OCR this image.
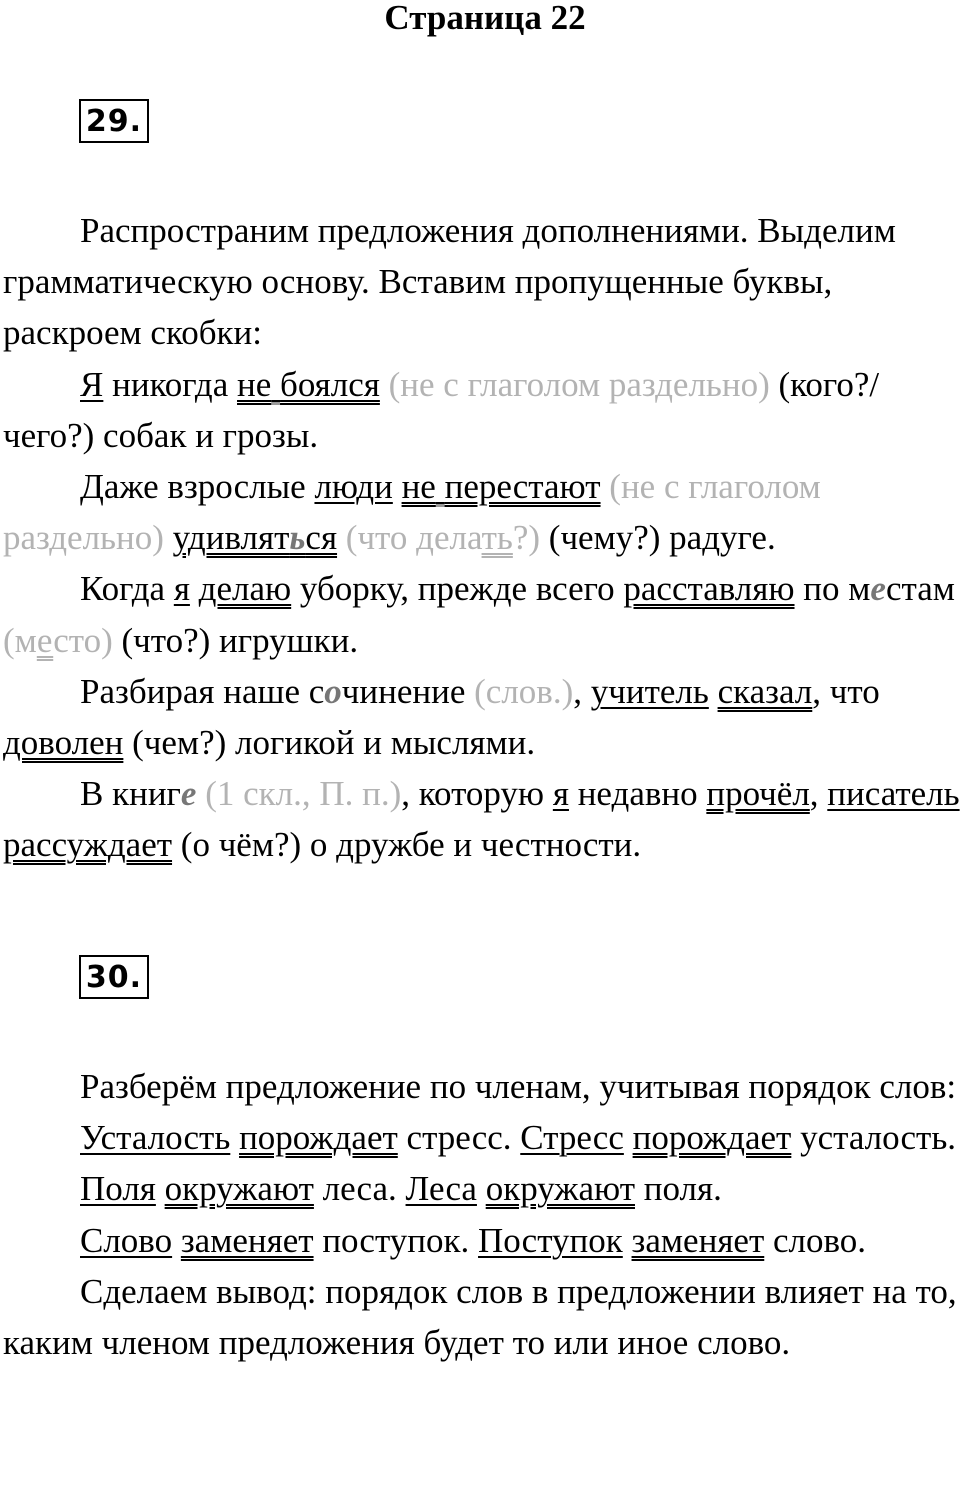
Страница 22
29.

Распространим предложения дополнениями. Выделим грамматическую основу. Вставим пропущенные буквы, раскроем скобки:

Я никогда не боялся (не с глаголом раздельно) (кого?/ чего?) собак и грозы.

Даже взрослые люди не перестают (не с глаголом раздельно) удивляться (что делать?) (чему?) радуге.

Когда я делаю уборку, прежде всего расставляю по местам (место) (что?) игрушки.

Разбирая наше сочинение (слов.), учитель сказал, что доволен (чем?) логикой и мыслями.

В книге (1 скл., П. п.), которую я недавно прочёл, писатель рассуждает (о чём?) о дружбе и честности.

30.

Разберём предложение по членам, учитывая порядок слов:

Усталость порождает стресс. Стресс порождает усталость.

Поля окружают леса. Леса окружают поля.

Слово заменяет поступок. Поступок заменяет слово.

Сделаем вывод: порядок слов в предложении влияет на то, каким членом предложения будет то или иное слово.
